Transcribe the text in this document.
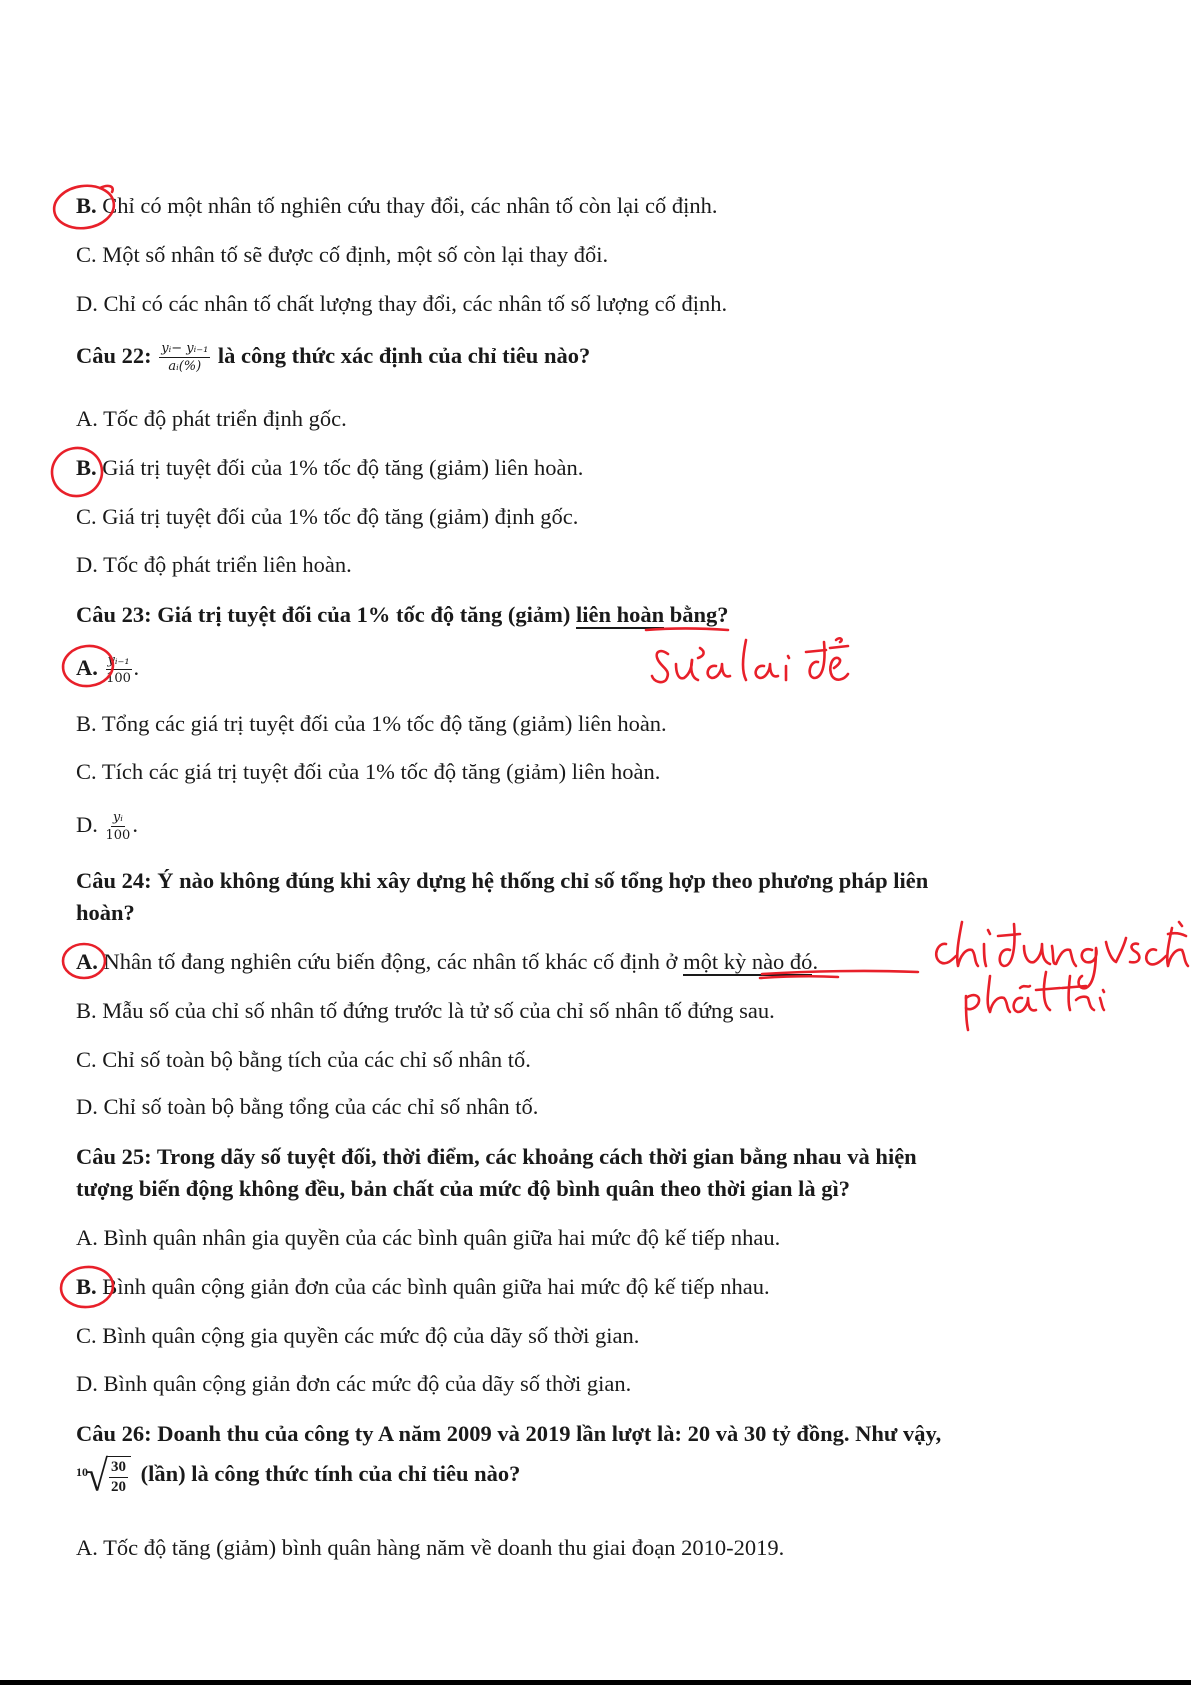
B. Chỉ có một nhân tố nghiên cứu thay đổi, các nhân tố còn lại cố định.
C. Một số nhân tố sẽ được cố định, một số còn lại thay đổi.
D. Chỉ có các nhân tố chất lượng thay đổi, các nhân tố số lượng cố định.
Câu 22: $\frac{\text{yᵢ− yᵢ₋₁}}{\text{aᵢ(\%)}}$ là công thức xác định của chỉ tiêu nào?
A. Tốc độ phát triển định gốc.
B. Giá trị tuyệt đối của 1% tốc độ tăng (giảm) liên hoàn.
C. Giá trị tuyệt đối của 1% tốc độ tăng (giảm) định gốc.
D. Tốc độ phát triển liên hoàn.
Câu 23: Giá trị tuyệt đối của 1% tốc độ tăng (giảm) liên hoàn bằng?
A. $\frac{\text{yᵢ₋₁}}{100}$ .
B. Tổng các giá trị tuyệt đối của 1% tốc độ tăng (giảm) liên hoàn.
C. Tích các giá trị tuyệt đối của 1% tốc độ tăng (giảm) liên hoàn.
D. $\frac{\text{yᵢ}}{100}$ .
Câu 24: Ý nào không đúng khi xây dựng hệ thống chỉ số tổng hợp theo phương pháp liên
hoàn?
A. Nhân tố đang nghiên cứu biến động, các nhân tố khác cố định ở một kỳ nào đó.
B. Mẫu số của chỉ số nhân tố đứng trước là tử số của chỉ số nhân tố đứng sau.
C. Chỉ số toàn bộ bằng tích của các chỉ số nhân tố.
D. Chỉ số toàn bộ bằng tổng của các chỉ số nhân tố.
Câu 25: Trong dãy số tuyệt đối, thời điểm, các khoảng cách thời gian bằng nhau và hiện
tượng biến động không đều, bản chất của mức độ bình quân theo thời gian là gì?
A. Bình quân nhân gia quyền của các bình quân giữa hai mức độ kế tiếp nhau.
B. Bình quân cộng giản đơn của các bình quân giữa hai mức độ kế tiếp nhau.
C. Bình quân cộng gia quyền các mức độ của dãy số thời gian.
D. Bình quân cộng giản đơn các mức độ của dãy số thời gian.
Câu 26: Doanh thu của công ty A năm 2009 và 2019 lần lượt là: 20 và 30 tỷ đồng. Như vậy,
10
√
$\frac{30}{20}$ (lần) là công thức tính của chỉ tiêu nào?
A. Tốc độ tăng (giảm) bình quân hàng năm về doanh thu giai đoạn 2010-2019.
